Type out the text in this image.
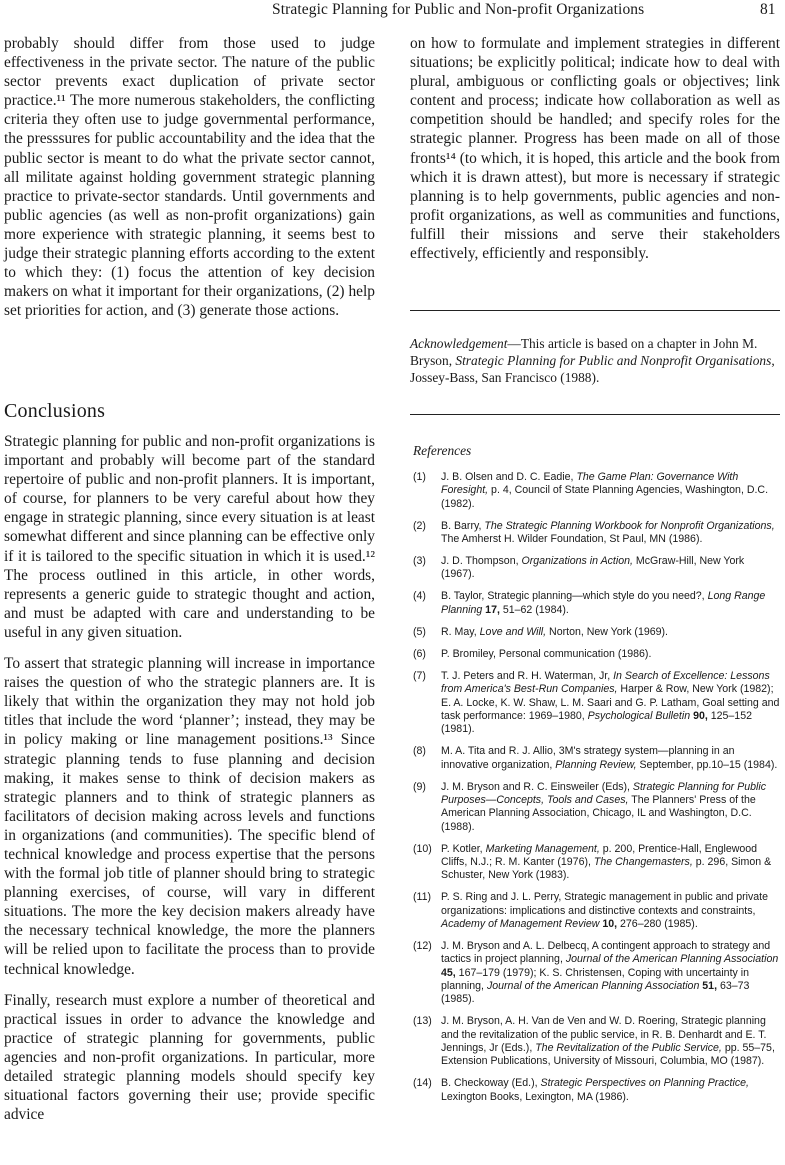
Strategic Planning for Public and Non-profit Organizations	81

probably should differ from those used to judge effectiveness in the private sector. The nature of the public sector prevents exact duplication of private sector practice.¹¹ The more numerous stakeholders, the conflicting criteria they often use to judge governmental performance, the presssures for public accountability and the idea that the public sector is meant to do what the private sector cannot, all militate against holding government strategic planning practice to private-sector standards. Until governments and public agencies (as well as non-profit organizations) gain more experience with strategic planning, it seems best to judge their strategic planning efforts according to the extent to which they: (1) focus the attention of key decision makers on what it important for their organizations, (2) help set priorities for action, and (3) generate those actions.

Conclusions

Strategic planning for public and non-profit organizations is important and probably will become part of the standard repertoire of public and non-profit planners. It is important, of course, for planners to be very careful about how they engage in strategic planning, since every situation is at least somewhat different and since planning can be effective only if it is tailored to the specific situation in which it is used.¹² The process outlined in this article, in other words, represents a generic guide to strategic thought and action, and must be adapted with care and understanding to be useful in any given situation.

To assert that strategic planning will increase in importance raises the question of who the strategic planners are. It is likely that within the organization they may not hold job titles that include the word ‘planner’; instead, they may be in policy making or line management positions.¹³ Since strategic planning tends to fuse planning and decision making, it makes sense to think of decision makers as strategic planners and to think of strategic planners as facilitators of decision making across levels and functions in organizations (and communities). The specific blend of technical knowledge and process expertise that the persons with the formal job title of planner should bring to strategic planning exercises, of course, will vary in different situations. The more the key decision makers already have the necessary technical knowledge, the more the planners will be relied upon to facilitate the process than to provide technical knowledge.

Finally, research must explore a number of theoretical and practical issues in order to advance the knowledge and practice of strategic planning for governments, public agencies and non-profit organizations. In particular, more detailed strategic planning models should specify key situational factors governing their use; provide specific advice

on how to formulate and implement strategies in different situations; be explicitly political; indicate how to deal with plural, ambiguous or conflicting goals or objectives; link content and process; indicate how collaboration as well as competition should be handled; and specify roles for the strategic planner. Progress has been made on all of those fronts¹⁴ (to which, it is hoped, this article and the book from which it is drawn attest), but more is necessary if strategic planning is to help governments, public agencies and non-profit organizations, as well as communities and functions, fulfill their missions and serve their stakeholders effectively, efficiently and responsibly.

Acknowledgement—This article is based on a chapter in John M. Bryson, Strategic Planning for Public and Nonprofit Organisations, Jossey-Bass, San Francisco (1988).

References

(1) J. B. Olsen and D. C. Eadie, The Game Plan: Governance With Foresight, p. 4, Council of State Planning Agencies, Washington, D.C. (1982).
(2) B. Barry, The Strategic Planning Workbook for Nonprofit Organizations, The Amherst H. Wilder Foundation, St Paul, MN (1986).
(3) J. D. Thompson, Organizations in Action, McGraw-Hill, New York (1967).
(4) B. Taylor, Strategic planning—which style do you need?, Long Range Planning 17, 51–62 (1984).
(5) R. May, Love and Will, Norton, New York (1969).
(6) P. Bromiley, Personal communication (1986).
(7) T. J. Peters and R. H. Waterman, Jr, In Search of Excellence: Lessons from America's Best-Run Companies, Harper & Row, New York (1982); E. A. Locke, K. W. Shaw, L. M. Saari and G. P. Latham, Goal setting and task performance: 1969–1980, Psychological Bulletin 90, 125–152 (1981).
(8) M. A. Tita and R. J. Allio, 3M's strategy system—planning in an innovative organization, Planning Review, September, pp.10–15 (1984).
(9) J. M. Bryson and R. C. Einsweiler (Eds), Strategic Planning for Public Purposes—Concepts, Tools and Cases, The Planners' Press of the American Planning Association, Chicago, IL and Washington, D.C. (1988).
(10) P. Kotler, Marketing Management, p. 200, Prentice-Hall, Englewood Cliffs, N.J.; R. M. Kanter (1976), The Changemasters, p. 296, Simon & Schuster, New York (1983).
(11) P. S. Ring and J. L. Perry, Strategic management in public and private organizations: implications and distinctive contexts and constraints, Academy of Management Review 10, 276–280 (1985).
(12) J. M. Bryson and A. L. Delbecq, A contingent approach to strategy and tactics in project planning, Journal of the American Planning Association 45, 167–179 (1979); K. S. Christensen, Coping with uncertainty in planning, Journal of the American Planning Association 51, 63–73 (1985).
(13) J. M. Bryson, A. H. Van de Ven and W. D. Roering, Strategic planning and the revitalization of the public service, in R. B. Denhardt and E. T. Jennings, Jr (Eds.), The Revitalization of the Public Service, pp. 55–75, Extension Publications, University of Missouri, Columbia, MO (1987).
(14) B. Checkoway (Ed.), Strategic Perspectives on Planning Practice, Lexington Books, Lexington, MA (1986).
